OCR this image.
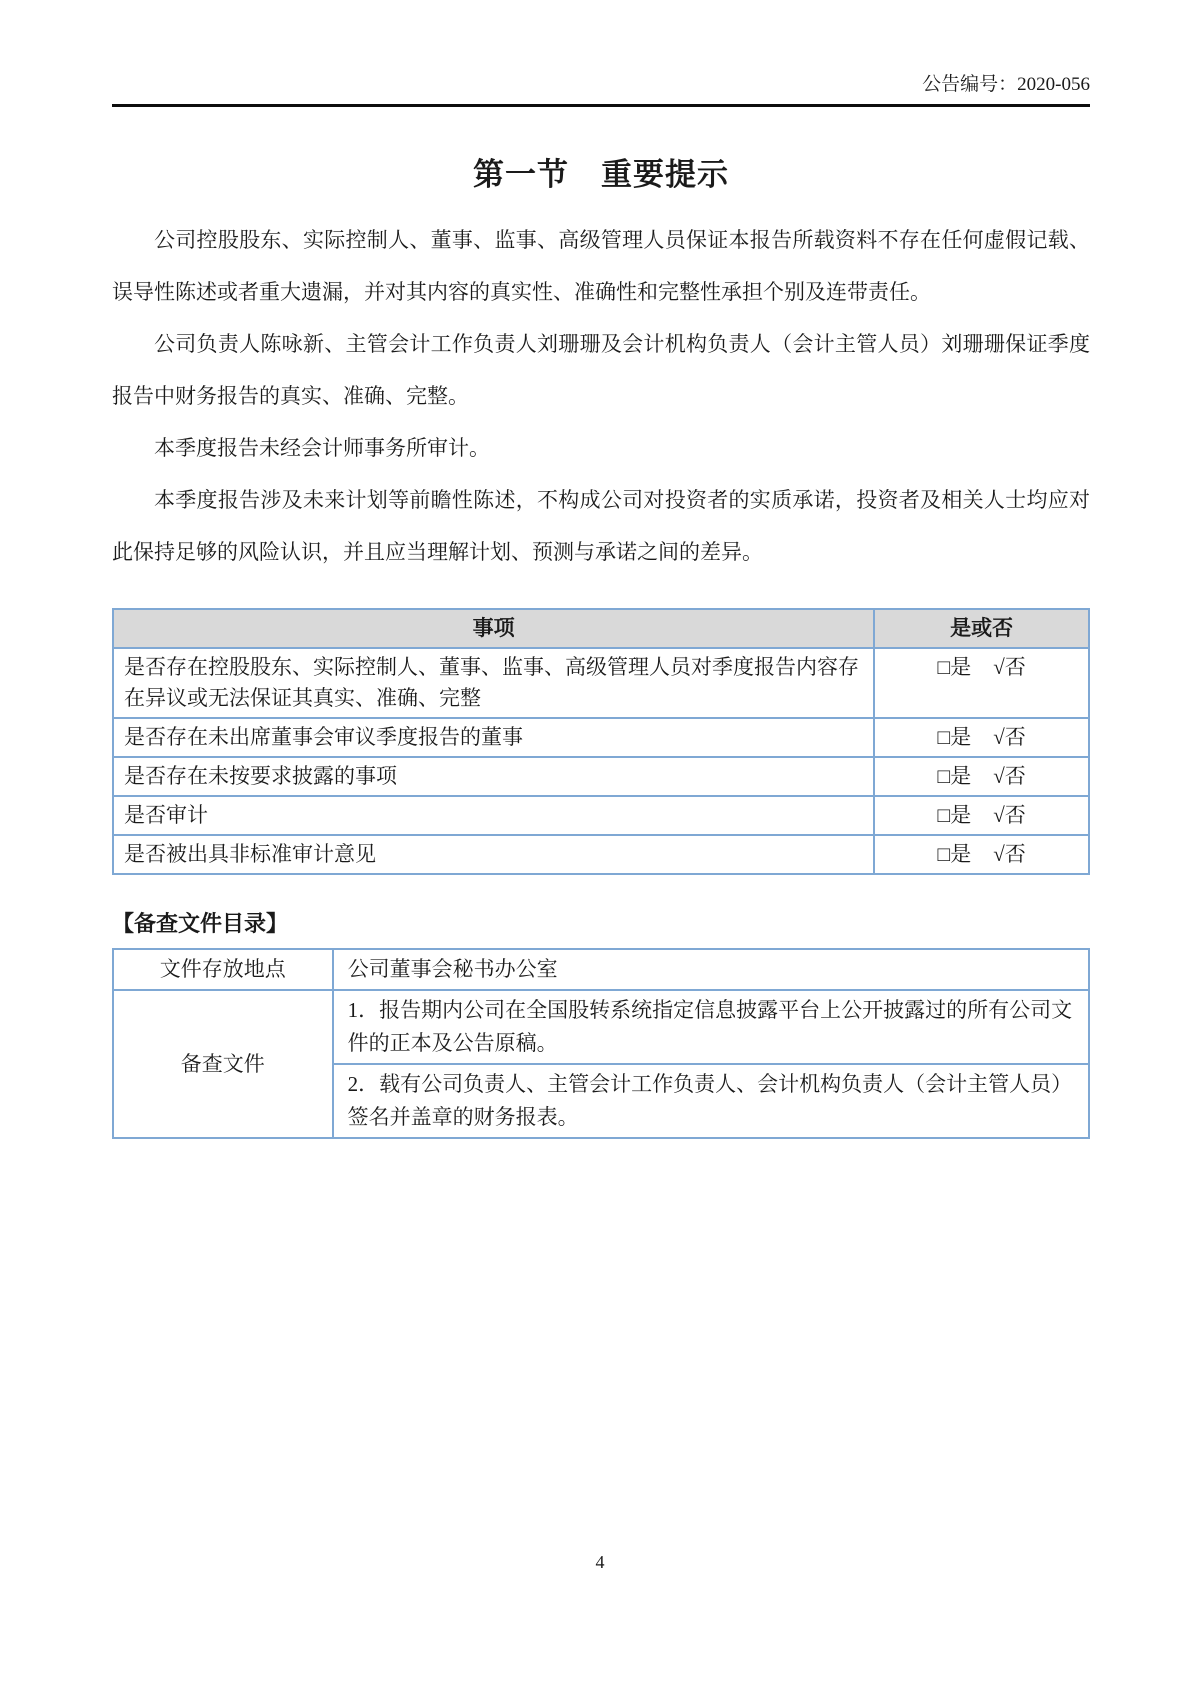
公告编号：2020-056
第一节　重要提示

公司控股股东、实际控制人、董事、监事、高级管理人员保证本报告所载资料不存在任何虚假记载、误导性陈述或者重大遗漏，并对其内容的真实性、准确性和完整性承担个别及连带责任。

公司负责人陈咏新、主管会计工作负责人刘珊珊及会计机构负责人（会计主管人员）刘珊珊保证季度报告中财务报告的真实、准确、完整。

本季度报告未经会计师事务所审计。

本季度报告涉及未来计划等前瞻性陈述，不构成公司对投资者的实质承诺，投资者及相关人士均应对此保持足够的风险认识，并且应当理解计划、预测与承诺之间的差异。

事项	是或否
是否存在控股股东、实际控制人、董事、监事、高级管理人员对季度报告内容存在异议或无法保证其真实、准确、完整	□是 √否
是否存在未出席董事会审议季度报告的董事	□是 √否
是否存在未按要求披露的事项	□是 √否
是否审计	□是 √否
是否被出具非标准审计意见	□是 √否
【备查文件目录】
文件存放地点	公司董事会秘书办公室
备查文件	1．报告期内公司在全国股转系统指定信息披露平台上公开披露过的所有公司文件的正本及公告原稿。
	2．载有公司负责人、主管会计工作负责人、会计机构负责人（会计主管人员）签名并盖章的财务报表。
4
